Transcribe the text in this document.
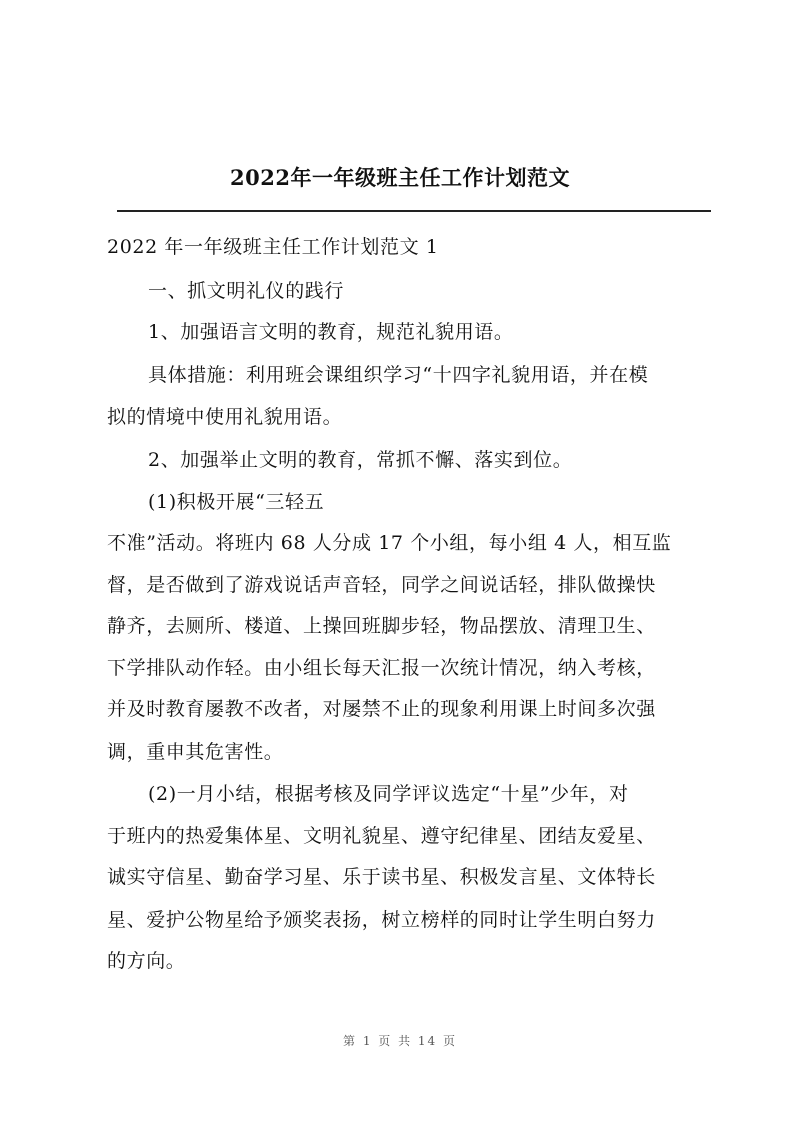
2022年一年级班主任工作计划范文
2022 年一年级班主任工作计划范文 1
一、抓文明礼仪的践行
1、加强语言文明的教育，规范礼貌用语。
具体措施：利用班会课组织学习“十四字礼貌用语，并在模
拟的情境中使用礼貌用语。
2、加强举止文明的教育，常抓不懈、落实到位。
(1)积极开展“三轻五
不准”活动。将班内 68 人分成 17 个小组，每小组 4 人，相互监
督，是否做到了游戏说话声音轻，同学之间说话轻，排队做操快
静齐，去厕所、楼道、上操回班脚步轻，物品摆放、清理卫生、
下学排队动作轻。由小组长每天汇报一次统计情况，纳入考核，
并及时教育屡教不改者，对屡禁不止的现象利用课上时间多次强
调，重申其危害性。
(2)一月小结，根据考核及同学评议选定“十星”少年，对
于班内的热爱集体星、文明礼貌星、遵守纪律星、团结友爱星、
诚实守信星、勤奋学习星、乐于读书星、积极发言星、文体特长
星、爱护公物星给予颁奖表扬，树立榜样的同时让学生明白努力
的方向。
第 1 页 共 14 页
